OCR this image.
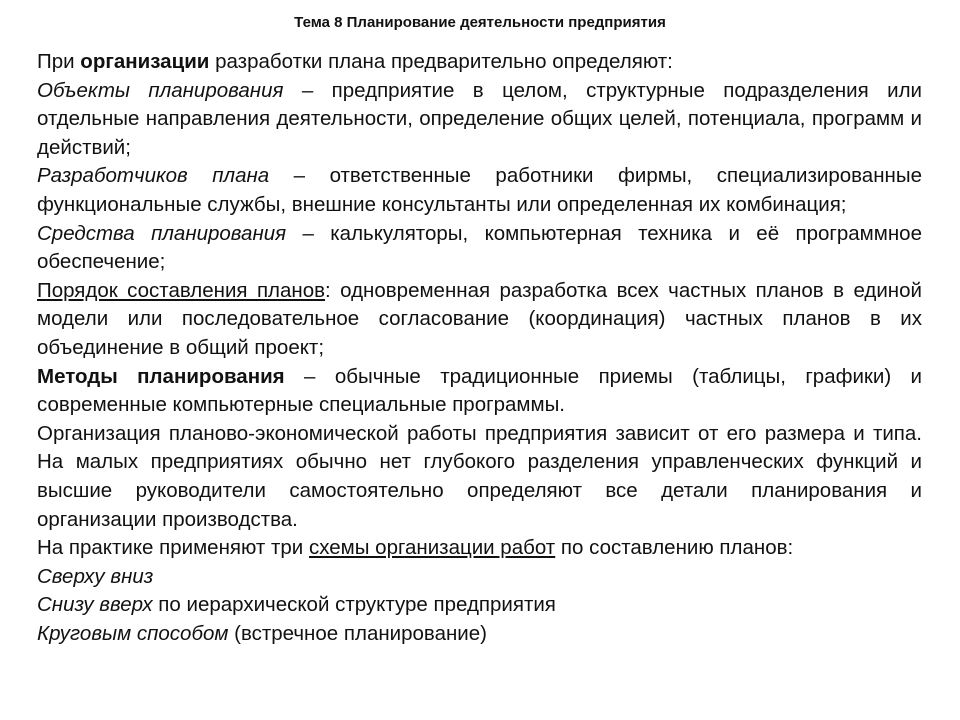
Тема 8 Планирование деятельности предприятия

При организации разработки плана предварительно определяют:

Объекты планирования – предприятие в целом, структурные подразделения или отдельные направления деятельности, определение общих целей, потенциала, программ и действий;

Разработчиков плана – ответственные работники фирмы, специализированные функциональные службы, внешние консультанты или определенная их комбинация;

Средства планирования – калькуляторы, компьютерная техника и её программное обеспечение;

Порядок составления планов: одновременная разработка всех частных планов в единой модели или последовательное согласование (координация) частных планов в их объединение в общий проект;

Методы планирования – обычные традиционные приемы (таблицы, графики) и современные компьютерные специальные программы.

Организация планово-экономической работы предприятия зависит от его размера и типа. На малых предприятиях обычно нет глубокого разделения управленческих функций и высшие руководители самостоятельно определяют все детали планирования и организации производства.

На практике применяют три схемы организации работ по составлению планов:

Сверху вниз

Снизу вверх по иерархической структуре предприятия

Круговым способом (встречное планирование)
